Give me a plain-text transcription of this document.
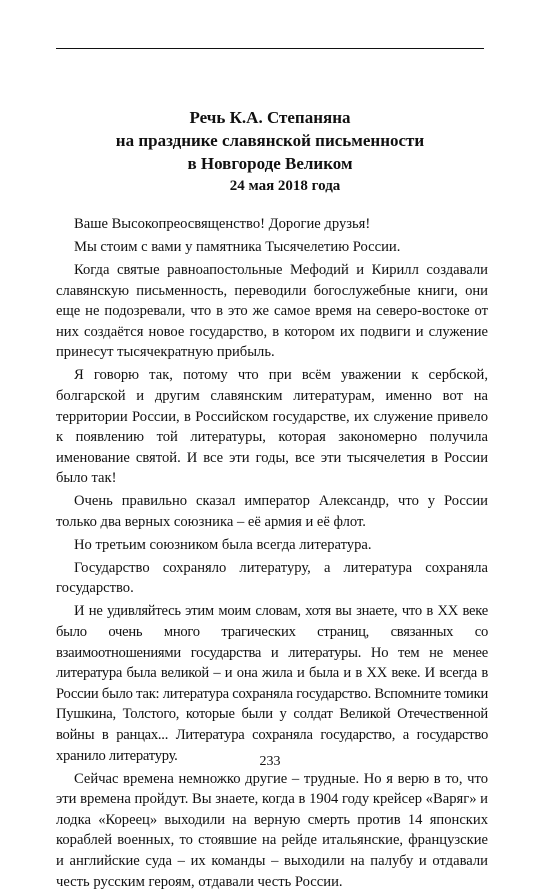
Речь К.А. Степаняна
на празднике славянской письменности
в Новгороде Великом
24 мая 2018 года

Ваше Высокопреосвященство! Дорогие друзья!

Мы стоим с вами у памятника Тысячелетию России.

Когда святые равноапостольные Мефодий и Кирилл создавали славянскую письменность, переводили богослужебные книги, они еще не подозревали, что в это же самое время на северо-востоке от них создаётся новое государство, в котором их подвиги и служение принесут тысячекратную прибыль.

Я говорю так, потому что при всём уважении к сербской, болгарской и другим славянским литературам, именно вот на территории России, в Российском государстве, их служение привело к появлению той литературы, которая закономерно получила именование святой. И все эти годы, все эти тысячелетия в России было так!

Очень правильно сказал император Александр, что у России только два верных союзника – её армия и её флот.

Но третьим союзником была всегда литература.

Государство сохраняло литературу, а литература сохраняла государство.

И не удивляйтесь этим моим словам, хотя вы знаете, что в XX веке было очень много трагических страниц, связанных со взаимоотношениями государства и литературы. Но тем не менее литература была великой – и она жила и была и в XX веке. И всегда в России было так: литература сохраняла государство. Вспомните томики Пушкина, Толстого, которые были у солдат Великой Отечественной войны в ранцах... Литература сохраняла государство, а государство хранило литературу.

Сейчас времена немножко другие – трудные. Но я верю в то, что эти времена пройдут. Вы знаете, когда в 1904 году крейсер «Варяг» и лодка «Кореец» выходили на верную смерть против 14 японских кораблей военных, то стоявшие на рейде итальянские, французские и английские суда – их команды – выходили на палубу и отдавали честь русским героям, отдавали честь России.

233
